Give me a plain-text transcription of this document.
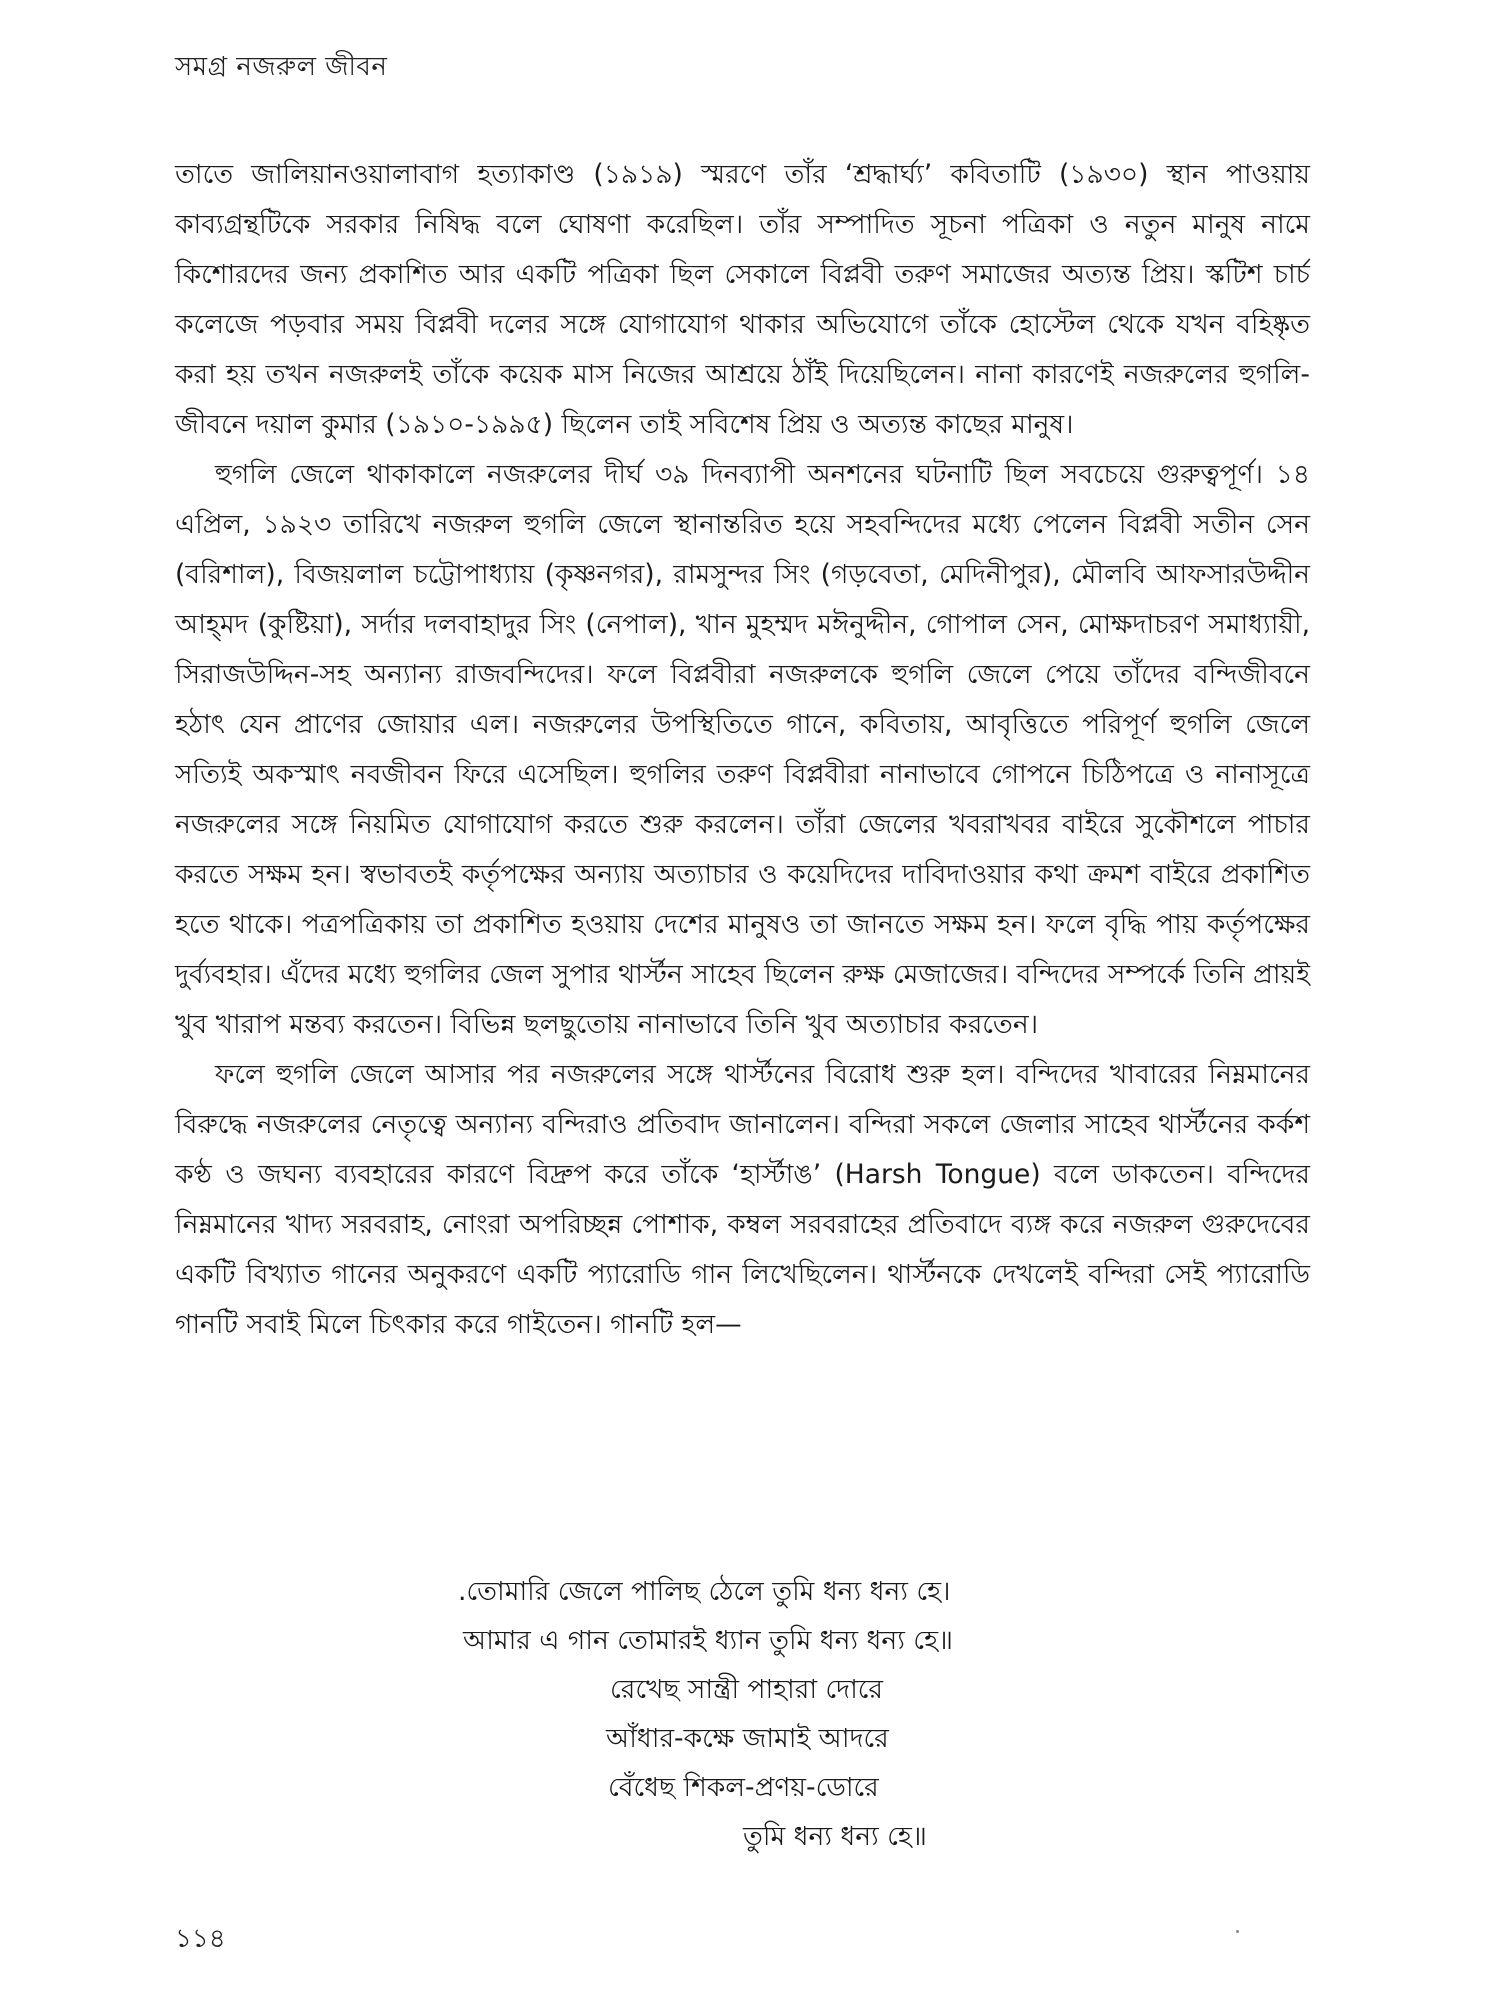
সমগ্র নজরুল জীবন

তাতে জালিয়ানওয়ালাবাগ হত্যাকাণ্ড (১৯১৯) স্মরণে তাঁর ‘শ্রদ্ধার্ঘ্য’ কবিতাটি (১৯৩০) স্থান পাওয়ায় কাব্যগ্রন্থটিকে সরকার নিষিদ্ধ বলে ঘোষণা করেছিল। তাঁর সম্পাদিত সূচনা পত্রিকা ও নতুন মানুষ নামে কিশোরদের জন্য প্রকাশিত আর একটি পত্রিকা ছিল সেকালে বিপ্লবী তরুণ সমাজের অত্যন্ত প্রিয়। স্কটিশ চার্চ কলেজে পড়বার সময় বিপ্লবী দলের সঙ্গে যোগাযোগ থাকার অভিযোগে তাঁকে হোস্টেল থেকে যখন বহিষ্কৃত করা হয় তখন নজরুলই তাঁকে কয়েক মাস নিজের আশ্রয়ে ঠাঁই দিয়েছিলেন। নানা কারণেই নজরুলের হুগলি-জীবনে দয়াল কুমার (১৯১০-১৯৯৫) ছিলেন তাই সবিশেষ প্রিয় ও অত্যন্ত কাছের মানুষ।

হুগলি জেলে থাকাকালে নজরুলের দীর্ঘ ৩৯ দিনব্যাপী অনশনের ঘটনাটি ছিল সবচেয়ে গুরুত্বপূর্ণ। ১৪ এপ্রিল, ১৯২৩ তারিখে নজরুল হুগলি জেলে স্থানান্তরিত হয়ে সহবন্দিদের মধ্যে পেলেন বিপ্লবী সতীন সেন (বরিশাল), বিজয়লাল চট্টোপাধ্যায় (কৃষ্ণনগর), রামসুন্দর সিং (গড়বেতা, মেদিনীপুর), মৌলবি আফসারউদ্দীন আহ্‌মদ (কুষ্টিয়া), সর্দার দলবাহাদুর সিং (নেপাল), খান মুহম্মদ মঈনুদ্দীন, গোপাল সেন, মোক্ষদাচরণ সমাধ্যায়ী, সিরাজউদ্দিন-সহ অন্যান্য রাজবন্দিদের। ফলে বিপ্লবীরা নজরুলকে হুগলি জেলে পেয়ে তাঁদের বন্দিজীবনে হঠাৎ যেন প্রাণের জোয়ার এল। নজরুলের উপস্থিতিতে গানে, কবিতায়, আবৃত্তিতে পরিপূর্ণ হুগলি জেলে সত্যিই অকস্মাৎ নবজীবন ফিরে এসেছিল। হুগলির তরুণ বিপ্লবীরা নানাভাবে গোপনে চিঠিপত্রে ও নানাসূত্রে নজরুলের সঙ্গে নিয়মিত যোগাযোগ করতে শুরু করলেন। তাঁরা জেলের খবরাখবর বাইরে সুকৌশলে পাচার করতে সক্ষম হন। স্বভাবতই কর্তৃপক্ষের অন্যায় অত্যাচার ও কয়েদিদের দাবিদাওয়ার কথা ক্রমশ বাইরে প্রকাশিত হতে থাকে। পত্রপত্রিকায় তা প্রকাশিত হওয়ায় দেশের মানুষও তা জানতে সক্ষম হন। ফলে বৃদ্ধি পায় কর্তৃপক্ষের দুর্ব্যবহার। এঁদের মধ্যে হুগলির জেল সুপার থার্স্টন সাহেব ছিলেন রুক্ষ মেজাজের। বন্দিদের সম্পর্কে তিনি প্রায়ই খুব খারাপ মন্তব্য করতেন। বিভিন্ন ছলছুতোয় নানাভাবে তিনি খুব অত্যাচার করতেন।

ফলে হুগলি জেলে আসার পর নজরুলের সঙ্গে থার্স্টনের বিরোধ শুরু হল। বন্দিদের খাবারের নিম্নমানের বিরুদ্ধে নজরুলের নেতৃত্বে অন্যান্য বন্দিরাও প্রতিবাদ জানালেন। বন্দিরা সকলে জেলার সাহেব থার্স্টনের কর্কশ কণ্ঠ ও জঘন্য ব্যবহারের কারণে বিদ্রুপ করে তাঁকে ‘হার্স্টাঙ’ (Harsh Tongue) বলে ডাকতেন। বন্দিদের নিম্নমানের খাদ্য সরবরাহ, নোংরা অপরিচ্ছন্ন পোশাক, কম্বল সরবরাহের প্রতিবাদে ব্যঙ্গ করে নজরুল গুরুদেবের একটি বিখ্যাত গানের অনুকরণে একটি প্যারোডি গান লিখেছিলেন। থার্স্টনকে দেখলেই বন্দিরা সেই প্যারোডি গানটি সবাই মিলে চিৎকার করে গাইতেন। গানটি হল—

.তোমারি জেলে পালিছ ঠেলে তুমি ধন্য ধন্য হে।
আমার এ গান তোমারই ধ্যান তুমি ধন্য ধন্য হে॥
রেখেছ সান্ত্রী পাহারা দোরে
আঁধার-কক্ষে জামাই আদরে
বেঁধেছ শিকল-প্রণয়-ডোরে
তুমি ধন্য ধন্য হে॥
১১৪
